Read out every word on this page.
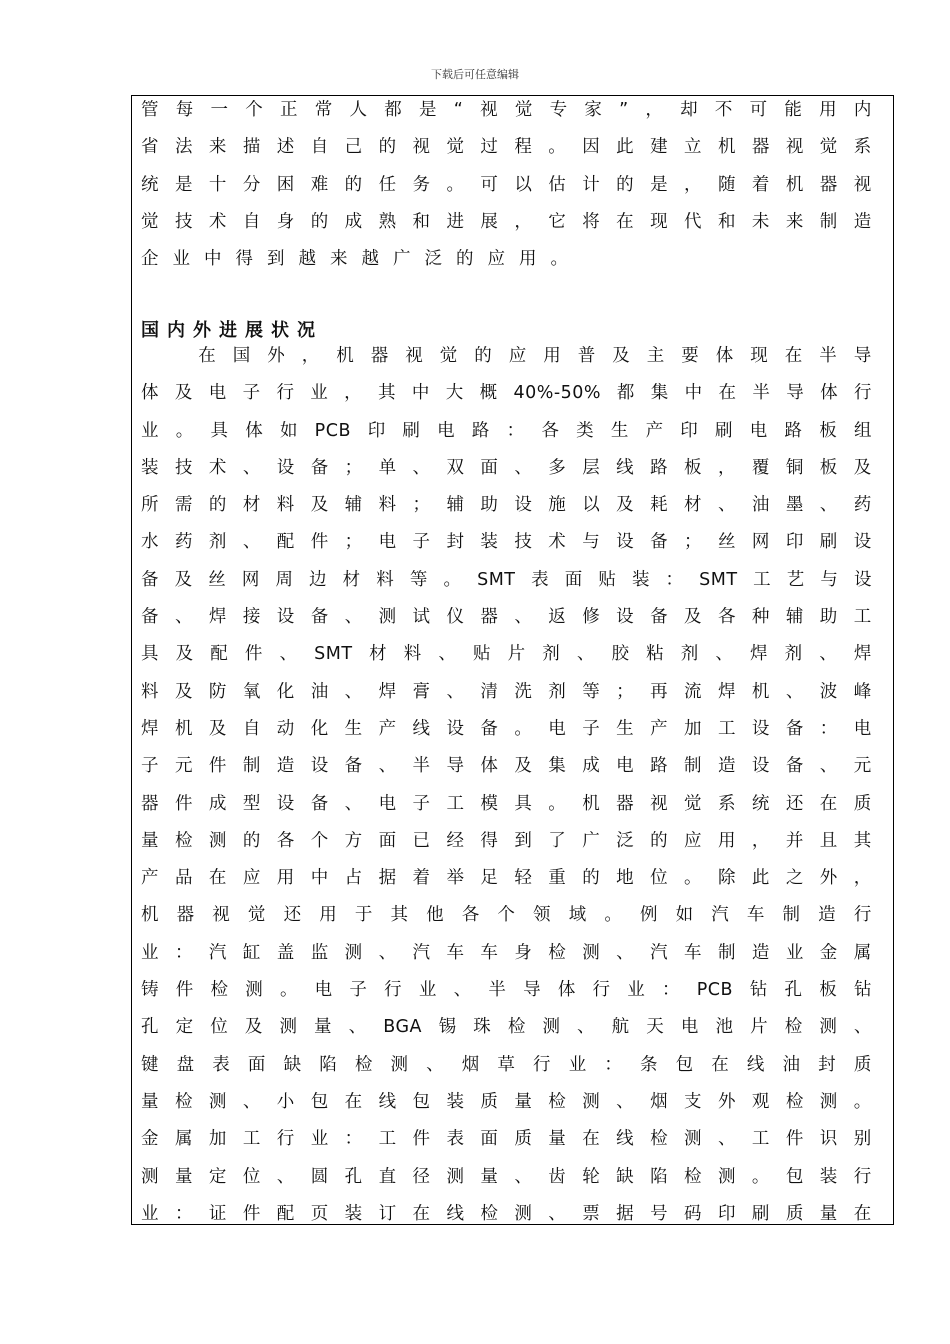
下载后可任意编辑
管 每 一 个 正 常 人 都 是 “ 视 觉 专 家 ” ， 却 不 可 能 用 内
省 法 来 描 述 自 己 的 视 觉 过 程 。 因 此 建 立 机 器 视 觉 系
统 是 十 分 困 难 的 任 务 。 可 以 估 计 的 是 ， 随 着 机 器 视
觉 技 术 自 身 的 成 熟 和 进 展 ， 它 将 在 现 代 和 未 来 制 造
企业中得到越来越广泛的应用。
国内外进展状况

在 国 外 ， 机 器 视 觉 的 应 用 普 及 主 要 体 现 在 半 导
体 及 电 子 行 业 ， 其 中 大 概 40%-50% 都 集 中 在 半 导 体 行
业 。 具 体 如 PCB 印 刷 电 路 ： 各 类 生 产 印 刷 电 路 板 组
装 技 术 、 设 备 ； 单 、 双 面 、 多 层 线 路 板 ， 覆 铜 板 及
所 需 的 材 料 及 辅 料 ； 辅 助 设 施 以 及 耗 材 、 油 墨 、 药
水 药 剂 、 配 件 ； 电 子 封 装 技 术 与 设 备 ； 丝 网 印 刷 设
备 及 丝 网 周 边 材 料 等 。 SMT 表 面 贴 装 ： SMT 工 艺 与 设
备 、 焊 接 设 备 、 测 试 仪 器 、 返 修 设 备 及 各 种 辅 助 工
具 及 配 件 、 SMT 材 料 、 贴 片 剂 、 胶 粘 剂 、 焊 剂 、 焊
料 及 防 氧 化 油 、 焊 膏 、 清 洗 剂 等 ； 再 流 焊 机 、 波 峰
焊 机 及 自 动 化 生 产 线 设 备 。 电 子 生 产 加 工 设 备 ： 电
子 元 件 制 造 设 备 、 半 导 体 及 集 成 电 路 制 造 设 备 、 元
器 件 成 型 设 备 、 电 子 工 模 具 。 机 器 视 觉 系 统 还 在 质
量 检 测 的 各 个 方 面 已 经 得 到 了 广 泛 的 应 用 ， 并 且 其
产 品 在 应 用 中 占 据 着 举 足 轻 重 的 地 位 。 除 此 之 外 ，
机 器 视 觉 还 用 于 其 他 各 个 领 域 。 例 如 汽 车 制 造 行
业 ： 汽 缸 盖 监 测 、 汽 车 车 身 检 测 、 汽 车 制 造 业 金 属
铸 件 检 测 。 电 子 行 业 、 半 导 体 行 业 ： PCB 钻 孔 板 钻
孔 定 位 及 测 量 、 BGA 锡 珠 检 测 、 航 天 电 池 片 检 测 、
键 盘 表 面 缺 陷 检 测 、 烟 草 行 业 ： 条 包 在 线 油 封 质
量 检 测 、 小 包 在 线 包 装 质 量 检 测 、 烟 支 外 观 检 测 。
金 属 加 工 行 业 ： 工 件 表 面 质 量 在 线 检 测 、 工 件 识 别
测 量 定 位 、 圆 孔 直 径 测 量 、 齿 轮 缺 陷 检 测 。 包 装 行
业 ： 证 件 配 页 装 订 在 线 检 测 、 票 据 号 码 印 刷 质 量 在
